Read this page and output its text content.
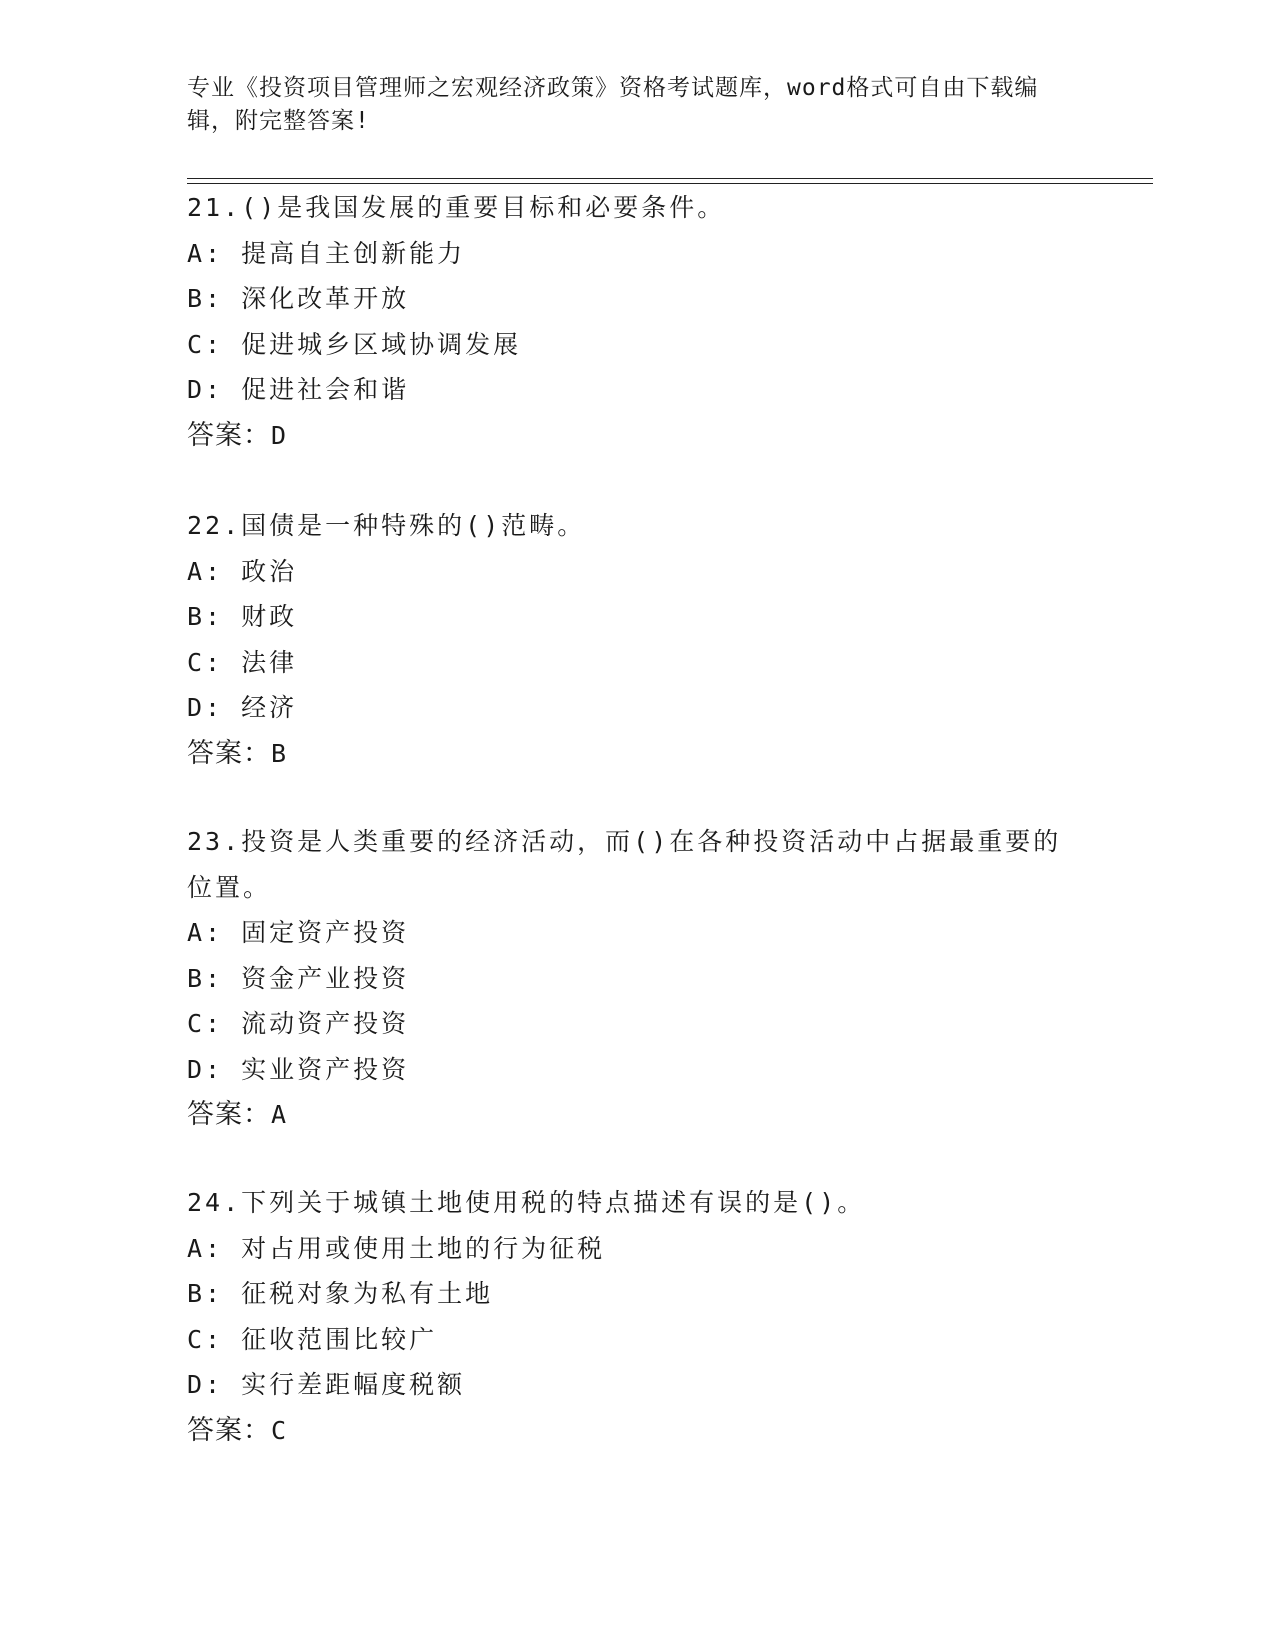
专业《投资项目管理师之宏观经济政策》资格考试题库，word格式可自由下载编辑，附完整答案!
21.()是我国发展的重要目标和必要条件。
A: 提高自主创新能力
B: 深化改革开放
C: 促进城乡区域协调发展
D: 促进社会和谐
答案：D
22.国债是一种特殊的()范畴。
A: 政治
B: 财政
C: 法律
D: 经济
答案：B
23.投资是人类重要的经济活动，而()在各种投资活动中占据最重要的位置。
A: 固定资产投资
B: 资金产业投资
C: 流动资产投资
D: 实业资产投资
答案：A
24.下列关于城镇土地使用税的特点描述有误的是()。
A: 对占用或使用土地的行为征税
B: 征税对象为私有土地
C: 征收范围比较广
D: 实行差距幅度税额
答案：C
